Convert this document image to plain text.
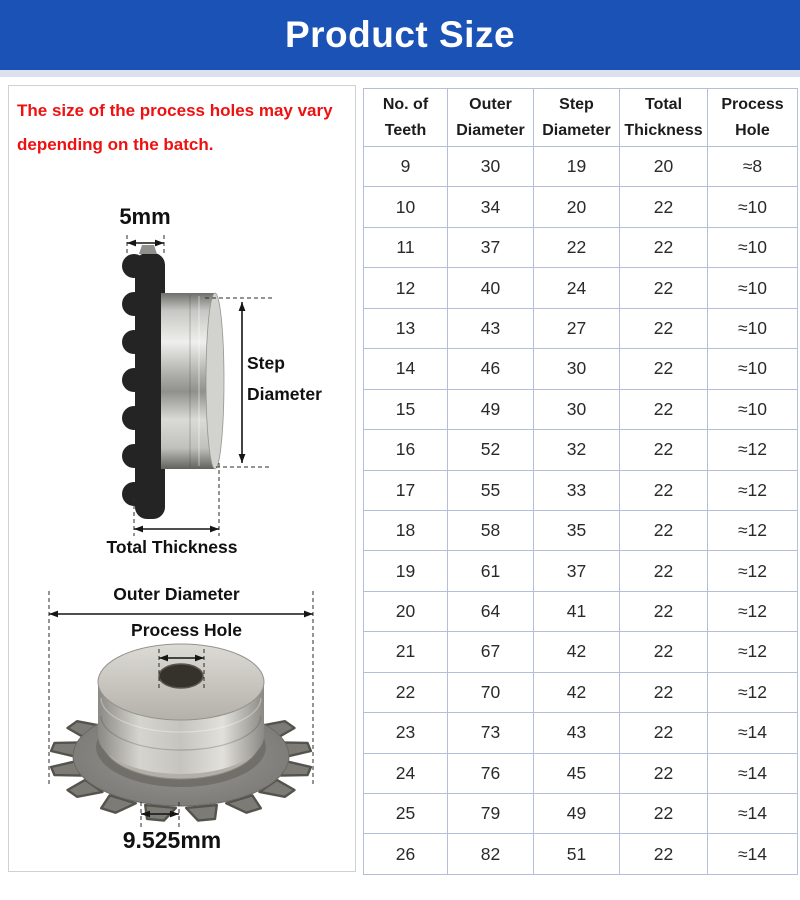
Product Size
The size of the process holes may vary depending on the batch.
5mm
Step
Diameter
Total Thickness
Outer Diameter
Process Hole
9.525mm
No. of Teeth	Outer Diameter	Step Diameter	Total Thickness	Process Hole
9	30	19	20	≈8
10	34	20	22	≈10
11	37	22	22	≈10
12	40	24	22	≈10
13	43	27	22	≈10
14	46	30	22	≈10
15	49	30	22	≈10
16	52	32	22	≈12
17	55	33	22	≈12
18	58	35	22	≈12
19	61	37	22	≈12
20	64	41	22	≈12
21	67	42	22	≈12
22	70	42	22	≈12
23	73	43	22	≈14
24	76	45	22	≈14
25	79	49	22	≈14
26	82	51	22	≈14
